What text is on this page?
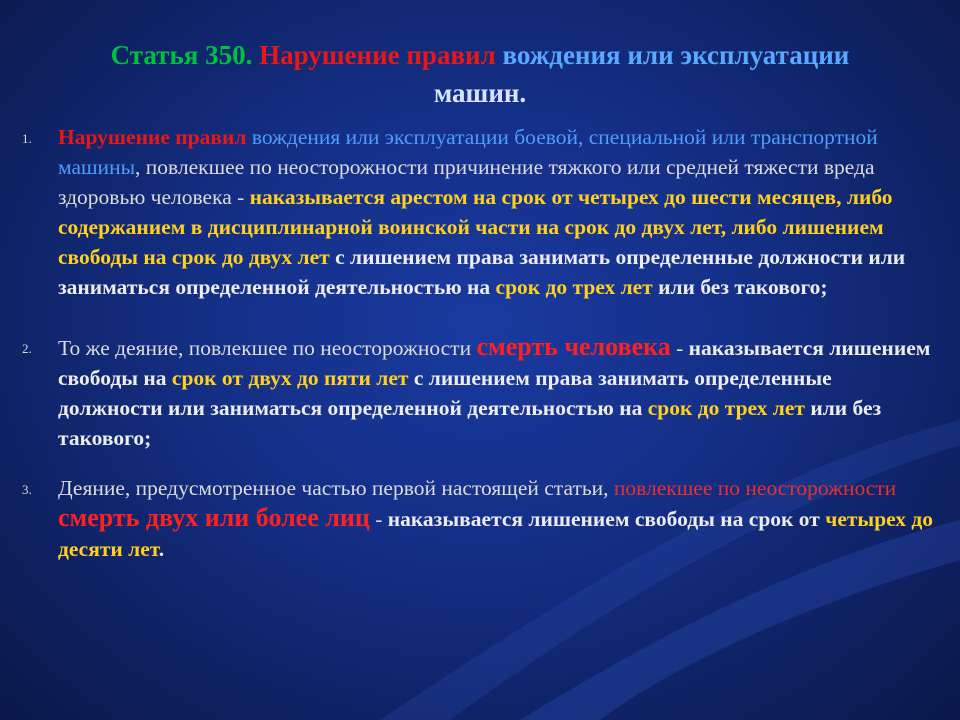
Статья 350. Нарушение правил вождения или эксплуатации
машин.
1. Нарушение правил вождения или эксплуатации боевой, специальной или транспортной машины, повлекшее по неосторожности причинение тяжкого или средней тяжести вреда здоровью человека - наказывается арестом на срок от четырех до шести месяцев, либо содержанием в дисциплинарной воинской части на срок до двух лет, либо лишением свободы на срок до двух лет с лишением права занимать определенные должности или заниматься определенной деятельностью на срок до трех лет или без такового;
2. То же деяние, повлекшее по неосторожности смерть человека - наказывается лишением свободы на срок от двух до пяти лет с лишением права занимать определенные должности или заниматься определенной деятельностью на срок до трех лет или без такового;
3. Деяние, предусмотренное частью первой настоящей статьи, повлекшее по неосторожности смерть двух или более лиц - наказывается лишением свободы на срок от четырех до десяти лет.
